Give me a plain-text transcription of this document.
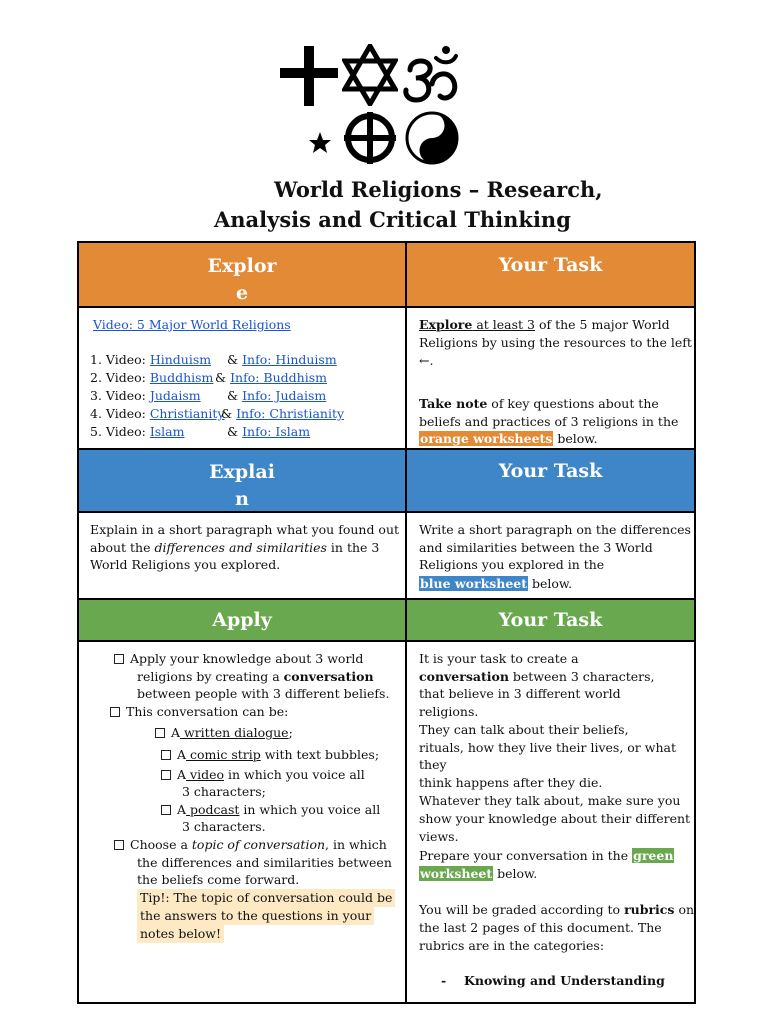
World Religions – Research,
Analysis and Critical Thinking
Explor
e
Your Task
Video: 5 Major World Religions
1. Video: Hinduism & Info: Hinduism
2. Video: Buddhism & Info: Buddhism
3. Video: Judaism & Info: Judaism
4. Video: Christianity
& Info: Christianity
5. Video: Islam	& Info: Islam
Explore at least 3 of the 5 major World
Religions by using the resources to the left
←.
Take note of key questions about the
beliefs and practices of 3 religions in the
orange worksheets below.
Explai
n
Your Task
Explain in a short paragraph what you found out
about the differences and similarities in the 3
World Religions you explored.
Write a short paragraph on the differences
and similarities between the 3 World
Religions you explored in the
blue worksheet below.
Apply	Your Task
Apply your knowledge about 3 world
religions by creating a conversation
between people with 3 different beliefs.
This conversation can be:
A written dialogue;
A comic strip with text bubbles;
A video in which you voice all
3 characters;
A podcast in which you voice all
3 characters.
Choose a topic of conversation, in which
the differences and similarities between
the beliefs come forward.
Tip!: The topic of conversation could be
the answers to the questions in your
notes below!
It is your task to create a
conversation between 3 characters,
that believe in 3 different world
religions.
They can talk about their beliefs,
rituals, how they live their lives, or what
they
think happens after they die.
Whatever they talk about, make sure you
show your knowledge about their different
views.
Prepare your conversation in the green
worksheet below.
You will be graded according to rubrics on
the last 2 pages of this document. The
rubrics are in the categories:
- Knowing and Understanding
